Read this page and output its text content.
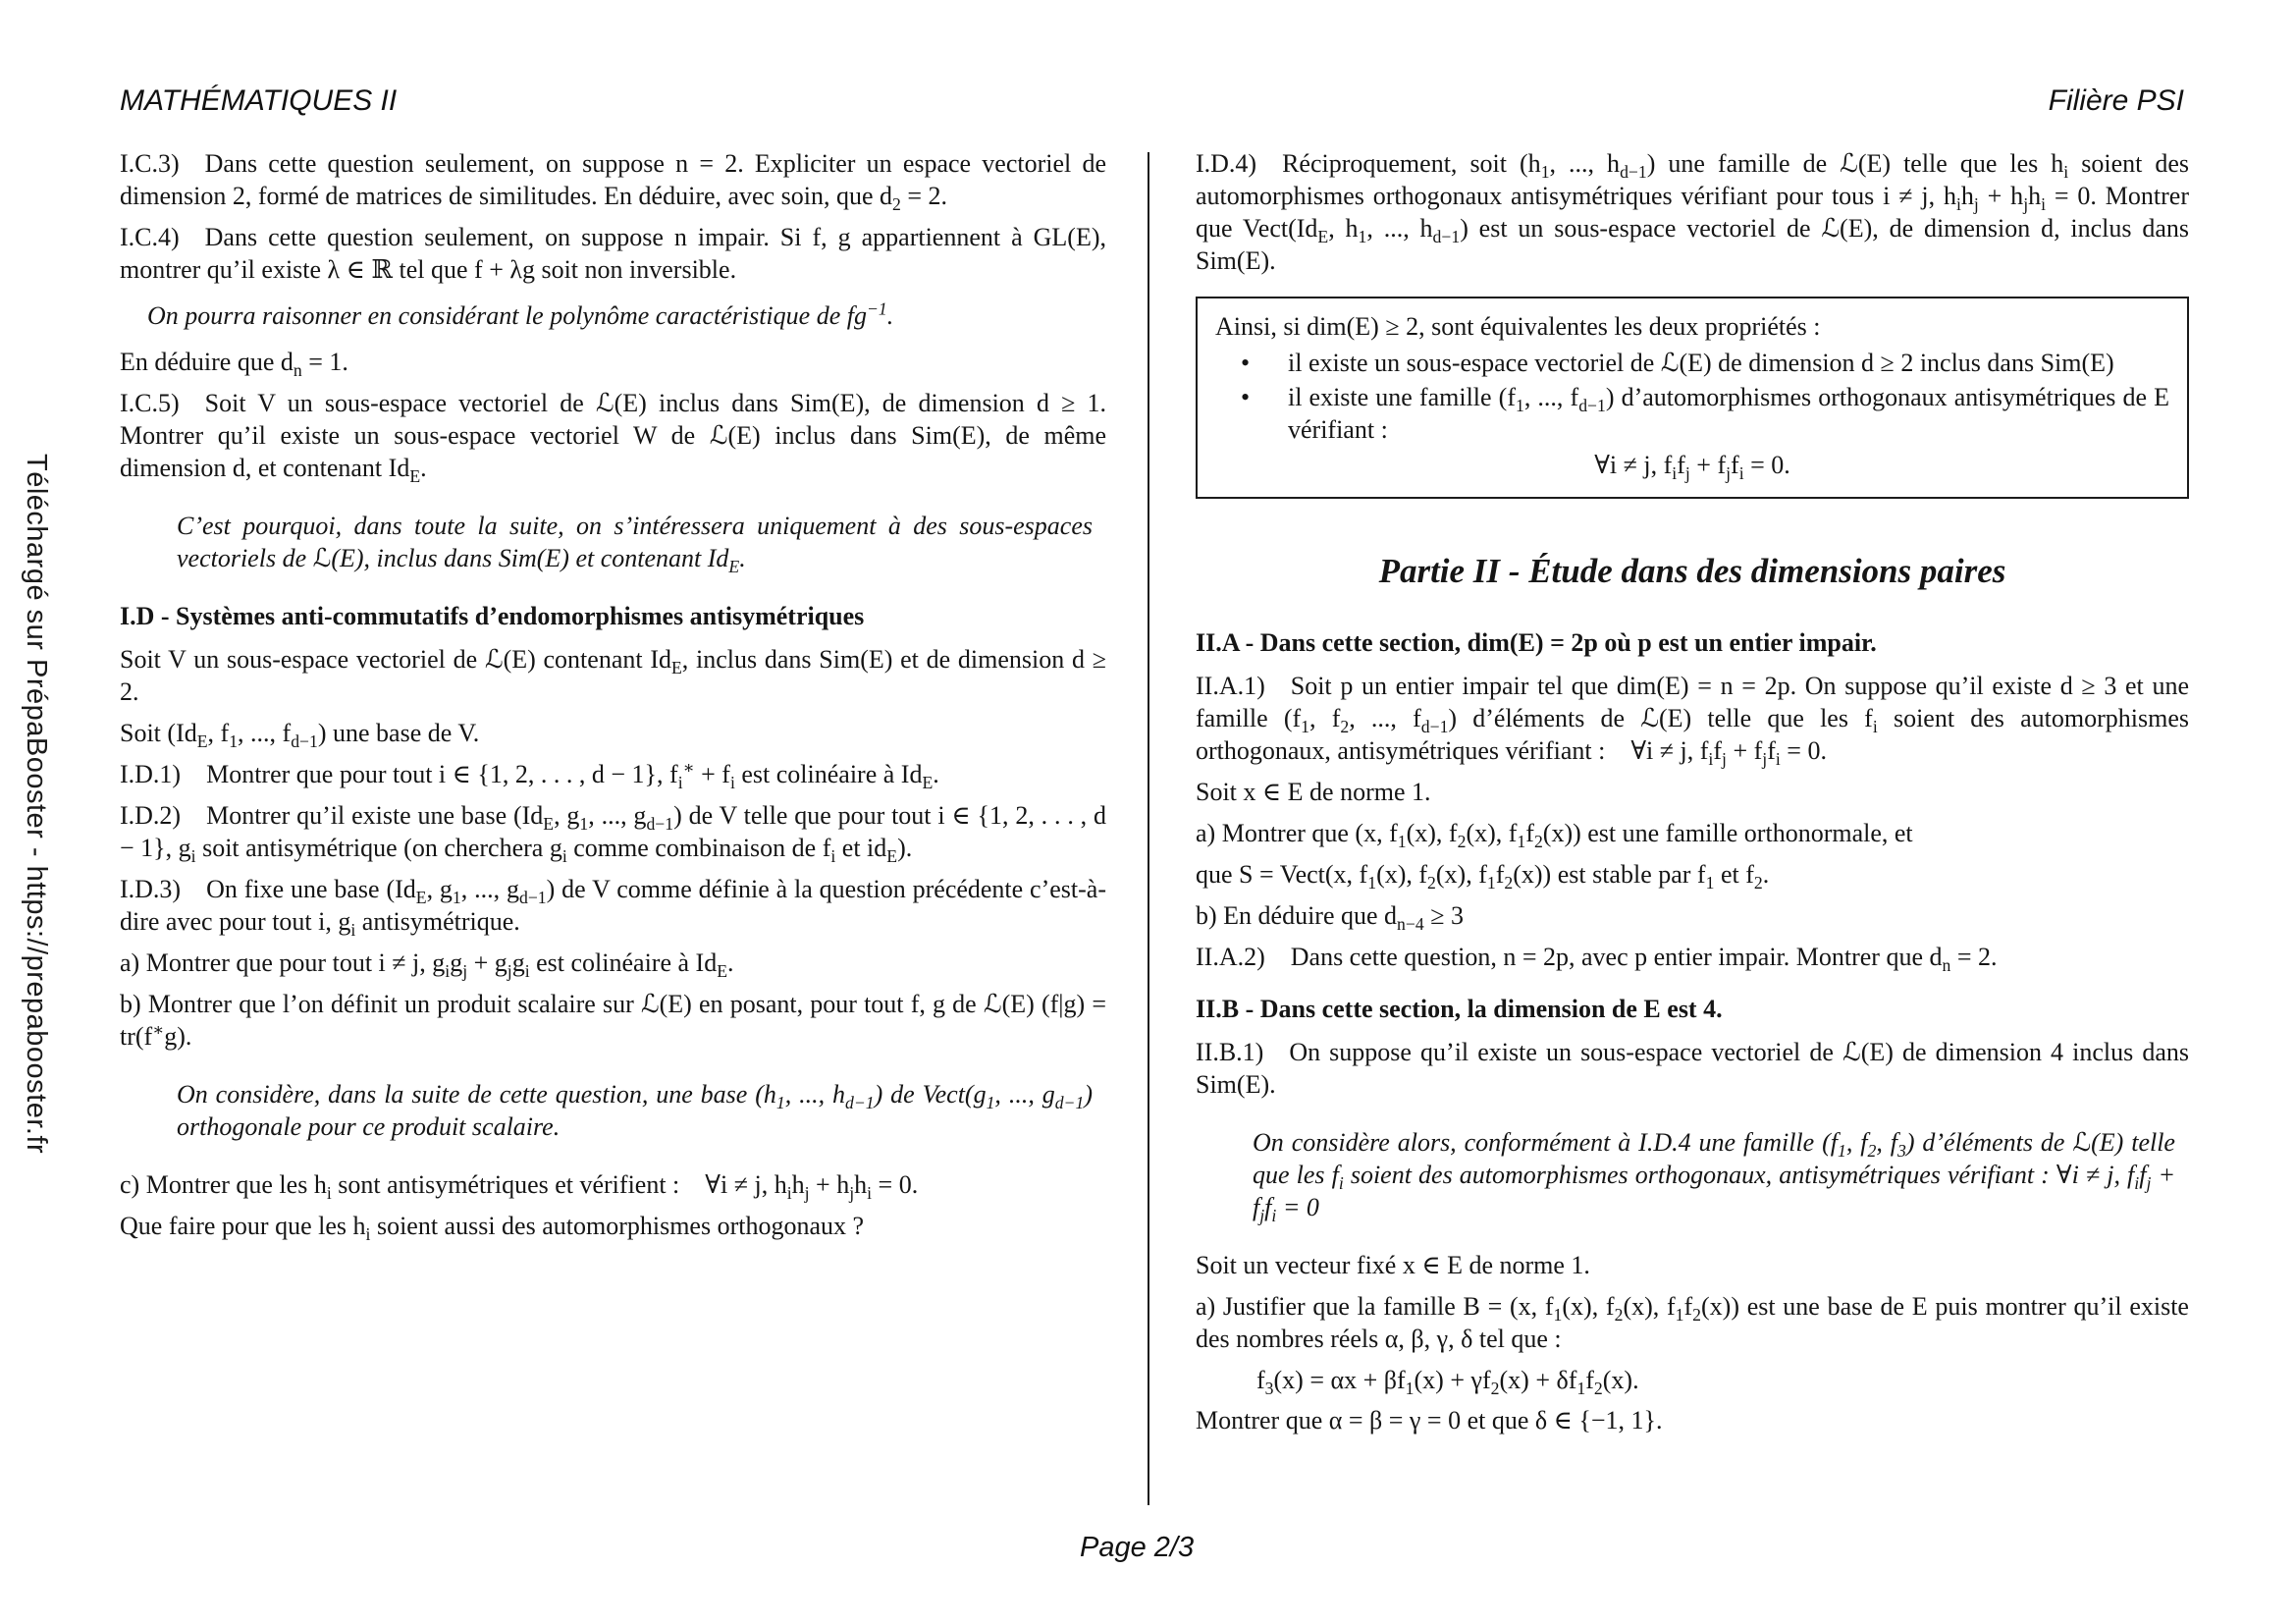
MATHÉMATIQUES II	Filière PSI
Téléchargé sur PrépaBooster - https://prepabooster.fr

I.C.3) Dans cette question seulement, on suppose n = 2. Expliciter un espace vectoriel de dimension 2, formé de matrices de similitudes. En déduire, avec soin, que $d_2 = 2$.

I.C.4) Dans cette question seulement, on suppose n impair. Si f, g appartiennent à GL(E), montrer qu’il existe λ ∈ ℝ tel que f + λg soit non inversible.

On pourra raisonner en considérant le polynôme caractéristique de $fg^{-1}$.

En déduire que $d_n = 1$.

I.C.5) Soit V un sous-espace vectoriel de ℒ(E) inclus dans Sim(E), de dimension d ≥ 1. Montrer qu’il existe un sous-espace vectoriel W de ℒ(E) inclus dans Sim(E), de même dimension d, et contenant $Id_E$.

C’est pourquoi, dans toute la suite, on s’intéressera uniquement à des sous-espaces vectoriels de ℒ(E), inclus dans Sim(E) et contenant $Id_E$.

I.D - Systèmes anti-commutatifs d’endomorphismes antisymétriques

Soit V un sous-espace vectoriel de ℒ(E) contenant $Id_E$, inclus dans Sim(E) et de dimension d ≥ 2.

Soit ($Id_E$, $f_1$, ..., $f_{d-1}$) une base de V.

I.D.1) Montrer que pour tout i ∈ {1, 2, . . . , d − 1}, $f_i^∗ + f_i$ est colinéaire à $Id_E$.

I.D.2) Montrer qu’il existe une base ($Id_E$, $g_1$, ..., $g_{d-1}$) de V telle que pour tout i ∈ {1, 2, . . . , d − 1}, $g_i$ soit antisymétrique (on cherchera $g_i$ comme combinaison de $f_i$ et $id_E$).

I.D.3) On fixe une base ($Id_E$, $g_1$, ..., $g_{d-1}$) de V comme définie à la question précédente c’est-à-dire avec pour tout i, $g_i$ antisymétrique.

a) Montrer que pour tout i ≠ j, $g_ig_j + g_jg_i$ est colinéaire à $Id_E$.

b) Montrer que l’on définit un produit scalaire sur ℒ(E) en posant, pour tout f, g de ℒ(E) (f|g) = tr(f∗g).

On considère, dans la suite de cette question, une base ($h_1$, ..., $h_{d-1}$) de $Vect(g_1$, ..., $g_{d-1}$) orthogonale pour ce produit scalaire.

c) Montrer que les $h_i$ sont antisymétriques et vérifient : ∀i ≠ j, $h_ih_j + h_jh_i = 0$.

Que faire pour que les $h_i$ soient aussi des automorphismes orthogonaux ?

I.D.4) Réciproquement, soit ($h_1$, ..., $h_{d-1}$) une famille de ℒ(E) telle que les $h_i$ soient des automorphismes orthogonaux antisymétriques vérifiant pour tous i ≠ j, $h_ih_j + h_jh_i = 0$. Montrer que $Vect(Id_E$, $h_1$, ..., $h_{d-1}$) est un sous-espace vectoriel de ℒ(E), de dimension d, inclus dans Sim(E).

Ainsi, si dim(E) ≥ 2, sont équivalentes les deux propriétés :

• il existe un sous-espace vectoriel de ℒ(E) de dimension d ≥ 2 inclus dans Sim(E)
• il existe une famille ($f_1$, ..., $f_{d-1}$) d’automorphismes orthogonaux antisymétriques de E vérifiant :
∀i ≠ j, $f_if_j + f_jf_i = 0$.
Partie II - Étude dans des dimensions paires

II.A - Dans cette section, dim(E) = 2p où p est un entier impair.

II.A.1) Soit p un entier impair tel que dim(E) = n = 2p. On suppose qu’il existe d ≥ 3 et une famille ($f_1$, $f_2$, ..., $f_{d-1}$) d’éléments de ℒ(E) telle que les $f_i$ soient des automorphismes orthogonaux, antisymétriques vérifiant : ∀i ≠ j, $f_if_j + f_jf_i = 0$.

Soit x ∈ E de norme 1.

a) Montrer que (x, $f_1(x)$, $f_2(x)$, $f_1f_2(x)$) est une famille orthonormale, et

que S = Vect(x, $f_1(x)$, $f_2(x)$, $f_1f_2(x)$) est stable par $f_1$ et $f_2$.

b) En déduire que $d_{n-4} \ge 3$

II.A.2) Dans cette question, n = 2p, avec p entier impair. Montrer que $d_n = 2$.

II.B - Dans cette section, la dimension de E est 4.

II.B.1) On suppose qu’il existe un sous-espace vectoriel de ℒ(E) de dimension 4 inclus dans Sim(E).

On considère alors, conformément à I.D.4 une famille ($f_1$, $f_2$, $f_3$) d’éléments de ℒ(E) telle que les $f_i$ soient des automorphismes orthogonaux, antisymétriques vérifiant : ∀i ≠ j, $f_if_j + f_jf_i = 0$

Soit un vecteur fixé x ∈ E de norme 1.

a) Justifier que la famille B = (x, $f_1(x)$, $f_2(x)$, $f_1f_2(x)$) est une base de E puis montrer qu’il existe des nombres réels α, β, γ, δ tel que :

$f_3(x) = \alpha x + \beta f_1(x) + \gamma f_2(x) + \delta f_1f_2(x)$.

Montrer que α = β = γ = 0 et que δ ∈ {−1, 1}.

Page 2/3
